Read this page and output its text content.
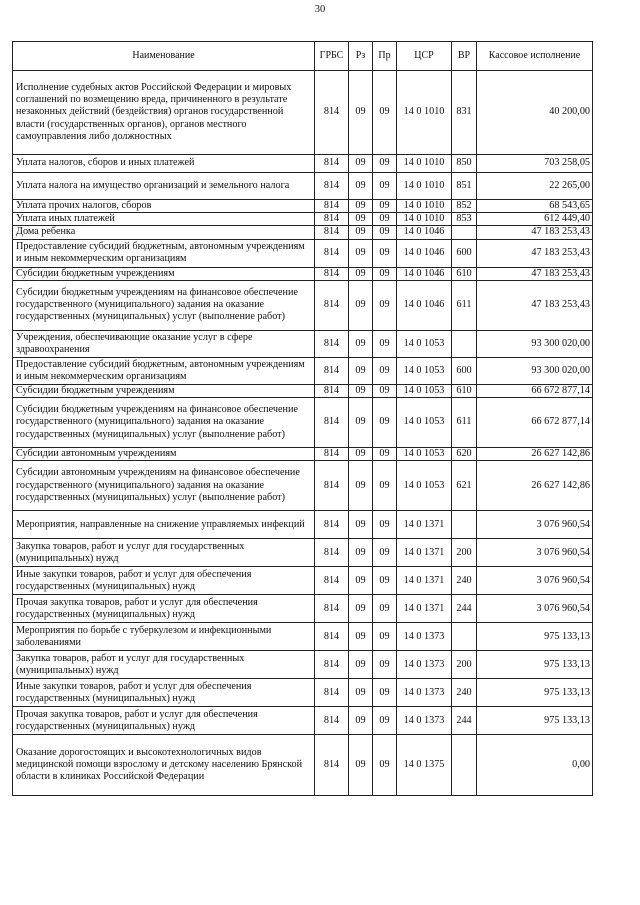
30
Наименование	ГРБС	Рз	Пр	ЦСР	ВР	Кассовое исполнение
Исполнение судебных актов Российской Федерации и мировых соглашений по возмещению вреда, причиненного в результате незаконных действий (бездействия) органов государственной власти (государственных органов), органов местного самоуправления либо должностных	814	09	09	14 0 1010	831	40 200,00
Уплата налогов, сборов и иных платежей	814	09	09	14 0 1010	850	703 258,05
Уплата налога на имущество организаций и земельного налога	814	09	09	14 0 1010	851	22 265,00
Уплата прочих налогов, сборов	814	09	09	14 0 1010	852	68 543,65
Уплата иных платежей	814	09	09	14 0 1010	853	612 449,40
Дома ребенка	814	09	09	14 0 1046		47 183 253,43
Предоставление субсидий бюджетным, автономным учреждениям и иным некоммерческим организациям	814	09	09	14 0 1046	600	47 183 253,43
Субсидии бюджетным учреждениям	814	09	09	14 0 1046	610	47 183 253,43
Субсидии бюджетным учреждениям на финансовое обеспечение государственного (муниципального) задания на оказание государственных (муниципальных) услуг (выполнение работ)	814	09	09	14 0 1046	611	47 183 253,43
Учреждения, обеспечивающие оказание услуг в сфере здравоохранения	814	09	09	14 0 1053		93 300 020,00
Предоставление субсидий бюджетным, автономным учреждениям и иным некоммерческим организациям	814	09	09	14 0 1053	600	93 300 020,00
Субсидии бюджетным учреждениям	814	09	09	14 0 1053	610	66 672 877,14
Субсидии бюджетным учреждениям на финансовое обеспечение государственного (муниципального) задания на оказание государственных (муниципальных) услуг (выполнение работ)	814	09	09	14 0 1053	611	66 672 877,14
Субсидии автономным учреждениям	814	09	09	14 0 1053	620	26 627 142,86
Субсидии автономным учреждениям на финансовое обеспечение государственного (муниципального) задания на оказание государственных (муниципальных) услуг (выполнение работ)	814	09	09	14 0 1053	621	26 627 142,86
Мероприятия, направленные на снижение управляемых инфекций	814	09	09	14 0 1371		3 076 960,54
Закупка товаров, работ и услуг для государственных (муниципальных) нужд	814	09	09	14 0 1371	200	3 076 960,54
Иные закупки товаров, работ и услуг для обеспечения государственных (муниципальных) нужд	814	09	09	14 0 1371	240	3 076 960,54
Прочая закупка товаров, работ и услуг для обеспечения государственных (муниципальных) нужд	814	09	09	14 0 1371	244	3 076 960,54
Мероприятия по борьбе с туберкулезом и инфекционными заболеваниями	814	09	09	14 0 1373		975 133,13
Закупка товаров, работ и услуг для государственных (муниципальных) нужд	814	09	09	14 0 1373	200	975 133,13
Иные закупки товаров, работ и услуг для обеспечения государственных (муниципальных) нужд	814	09	09	14 0 1373	240	975 133,13
Прочая закупка товаров, работ и услуг для обеспечения государственных (муниципальных) нужд	814	09	09	14 0 1373	244	975 133,13
Оказание дорогостоящих и высокотехнологичных видов медицинской помощи взрослому и детскому населению Брянской области в клиниках Российской Федерации	814	09	09	14 0 1375		0,00
